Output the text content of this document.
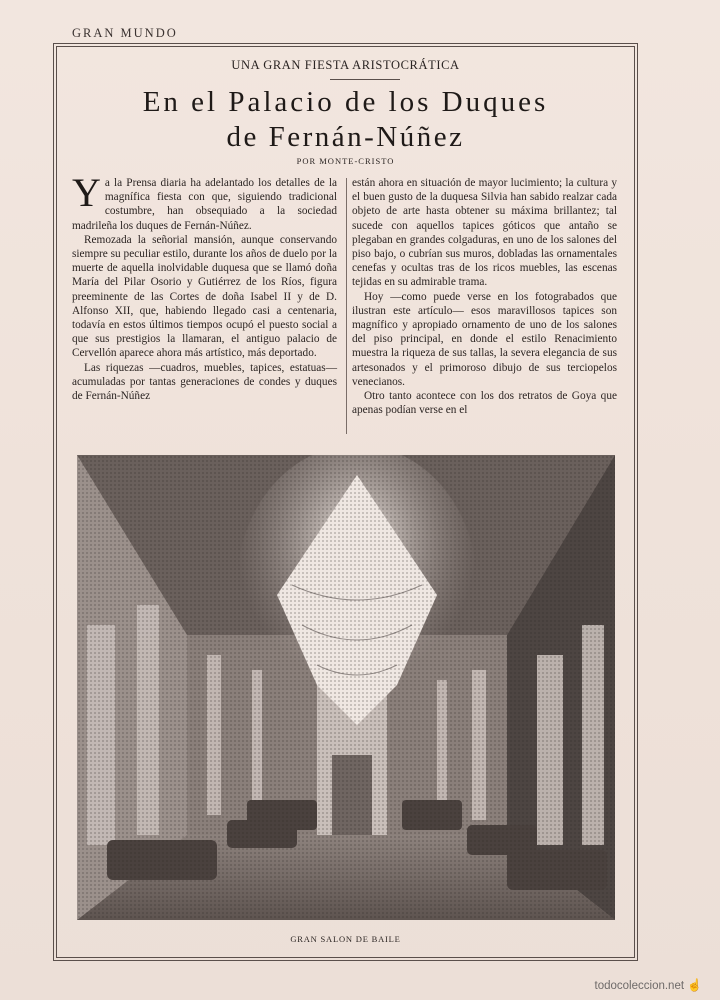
GRAN MUNDO
UNA GRAN FIESTA ARISTOCRÁTICA
En el Palacio de los Duques
de Fernán-Núñez
POR MONTE-CRISTO

Ya la Prensa diaria ha adelantado los detalles de la magnífica fiesta con que, siguiendo tradicional costumbre, han obsequiado a la sociedad madrileña los duques de Fernán-Núñez.

Remozada la señorial mansión, aunque conservando siempre su peculiar estilo, durante los años de duelo por la muerte de aquella inolvidable duquesa que se llamó doña María del Pilar Osorio y Gutiérrez de los Ríos, figura preeminente de las Cortes de doña Isabel II y de D. Alfonso XII, que, habiendo llegado casi a centenaria, todavía en estos últimos tiempos ocupó el puesto social a que sus prestigios la llamaran, el antiguo palacio de Cervellón aparece ahora más artístico, más deportado.

Las riquezas —cuadros, muebles, tapices, estatuas— acumuladas por tantas generaciones de condes y duques de Fernán-Núñez

están ahora en situación de mayor lucimiento; la cultura y el buen gusto de la duquesa Silvia han sabido realzar cada objeto de arte hasta obtener su máxima brillantez; tal sucede con aquellos tapices góticos que antaño se plegaban en grandes colgaduras, en uno de los salones del piso bajo, o cubrían sus muros, dobladas las ornamentales cenefas y ocultas tras de los ricos muebles, las escenas tejidas en su admirable trama.

Hoy —como puede verse en los fotograbados que ilustran este artículo— esos maravillosos tapices son magnífico y apropiado ornamento de uno de los salones del piso principal, en donde el estilo Renacimiento muestra la riqueza de sus tallas, la severa elegancia de sus artesonados y el primoroso dibujo de sus terciopelos venecianos.

Otro tanto acontece con los dos retratos de Goya que apenas podían verse en el

GRAN SALON DE BAILE
todocoleccion.net ☝
